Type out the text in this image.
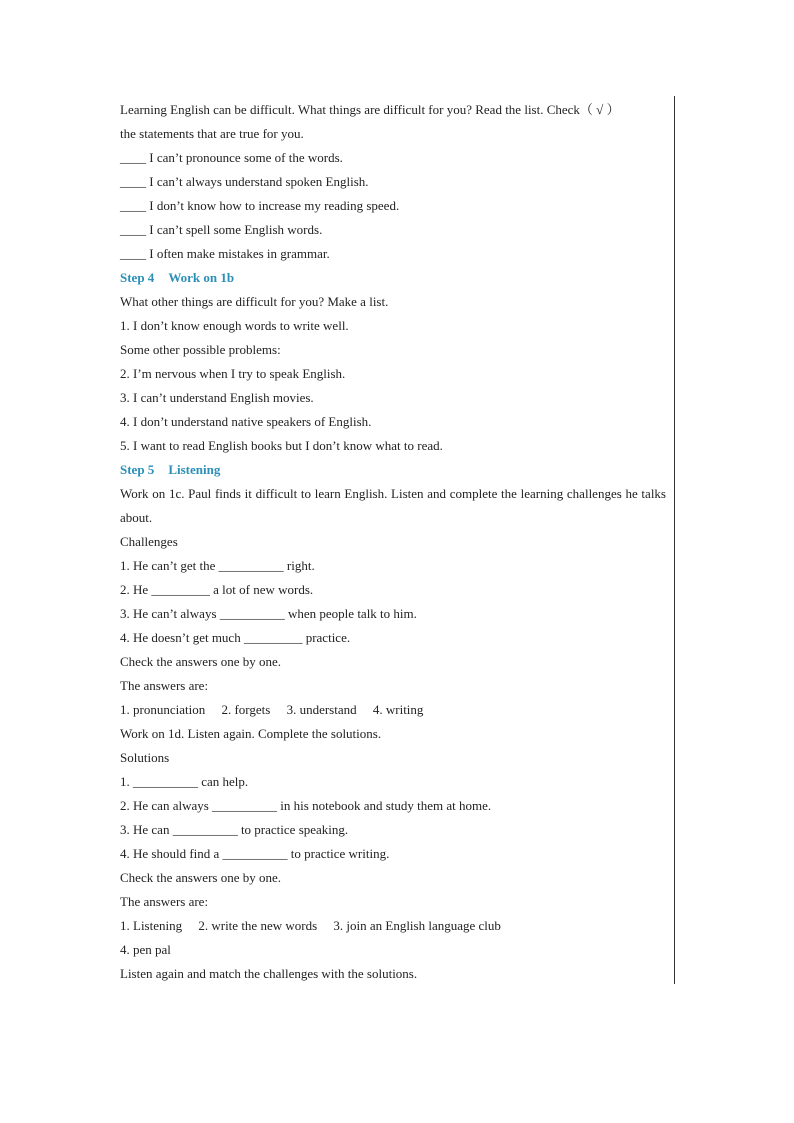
Learning English can be difficult. What things are difficult for you? Read the list. Check（ √ ）
the statements that are true for you.
____ I can’t pronounce some of the words.
____ I can’t always understand spoken English.
____ I don’t know how to increase my reading speed.
____ I can’t spell some English words.
____ I often make mistakes in grammar.
Step 4 Work on 1b
What other things are difficult for you? Make a list.
1. I don’t know enough words to write well.
Some other possible problems:
2. I’m nervous when I try to speak English.
3. I can’t understand English movies.
4. I don’t understand native speakers of English.
5. I want to read English books but I don’t know what to read.
Step 5 Listening
Work on 1c. Paul finds it difficult to learn English. Listen and complete the learning challenges he talks about.
Challenges
1. He can’t get the __________ right.
2. He _________ a lot of new words.
3. He can’t always __________ when people talk to him.
4. He doesn’t get much _________ practice.
Check the answers one by one.
The answers are:
1. pronunciation     2. forgets     3. understand     4. writing
Work on 1d. Listen again. Complete the solutions.
Solutions
1. __________ can help.
2. He can always __________ in his notebook and study them at home.
3. He can __________ to practice speaking.
4. He should find a __________ to practice writing.
Check the answers one by one.
The answers are:
1. Listening     2. write the new words     3. join an English language club
4. pen pal
Listen again and match the challenges with the solutions.
